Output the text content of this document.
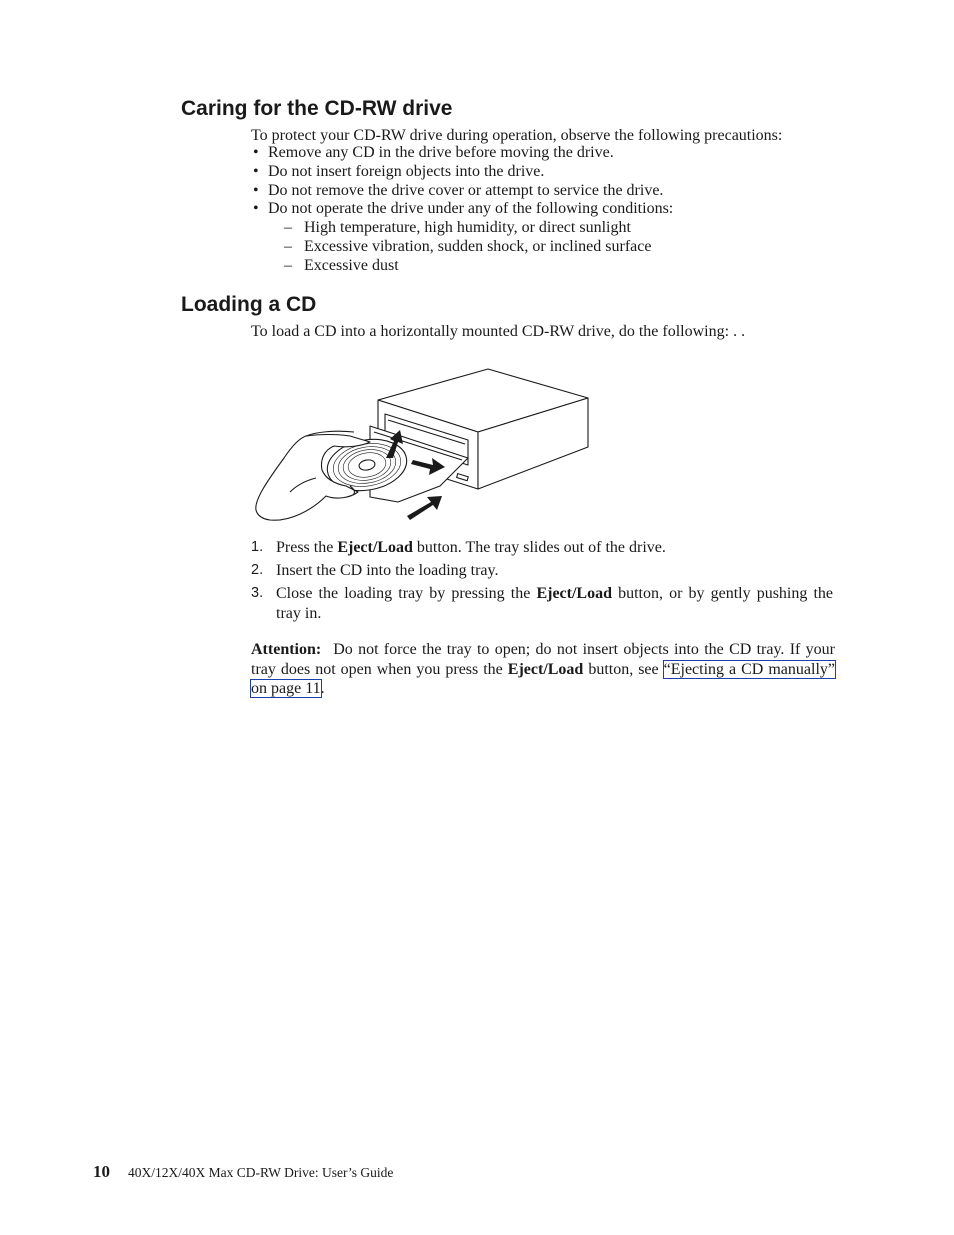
Caring for the CD-RW drive

To protect your CD-RW drive during operation, observe the following precautions:

• Remove any CD in the drive before moving the drive.
• Do not insert foreign objects into the drive.
• Do not remove the drive cover or attempt to service the drive.
• Do not operate the drive under any of the following conditions:
– High temperature, high humidity, or direct sunlight
– Excessive vibration, sudden shock, or inclined surface
– Excessive dust
Loading a CD

To load a CD into a horizontally mounted CD-RW drive, do the following: . .

1. Press the Eject/Load button. The tray slides out of the drive.
2. Insert the CD into the loading tray.
3. Close the loading tray by pressing the Eject/Load button, or by gently pushing the tray in.

Attention: Do not force the tray to open; do not insert objects into the CD tray. If your tray does not open when you press the Eject/Load button, see “Ejecting a CD manually” on page 11.

10 40X/12X/40X Max CD-RW Drive: User’s Guide
